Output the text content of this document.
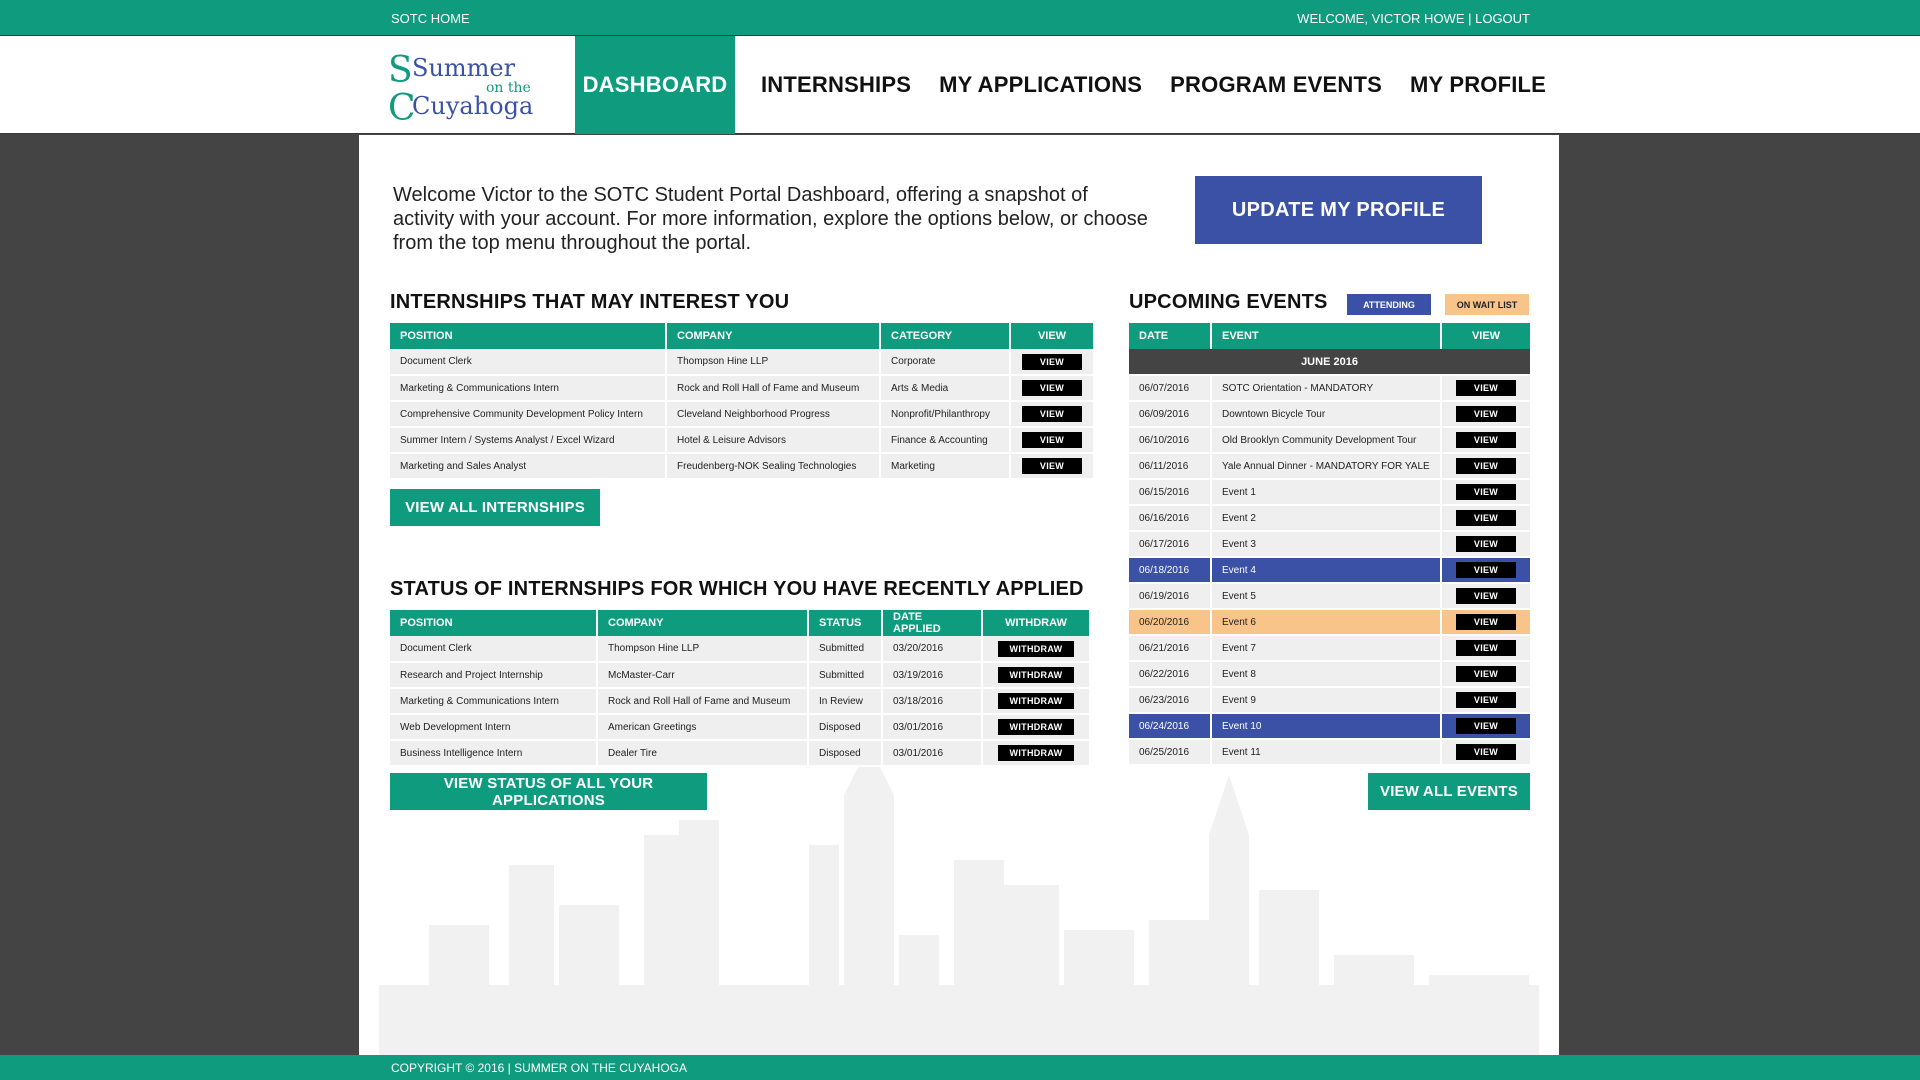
SOTC HOME	WELCOME, VICTOR HOWE | LOGOUT
S Summer
on the
C
Cuyahoga
DASHBOARD	INTERNSHIPS	MY APPLICATIONS	PROGRAM EVENTS	MY PROFILE

Welcome Victor to the SOTC Student Portal Dashboard, offering a snapshot of activity with your account. For more information, explore the options below, or choose from the top menu throughout the portal.

UPDATE MY PROFILE
INTERNSHIPS THAT MAY INTEREST YOU
POSITION	COMPANY	CATEGORY	VIEW
Document Clerk	Thompson Hine LLP	Corporate	VIEW
Marketing & Communications Intern	Rock and Roll Hall of Fame and Museum	Arts & Media	VIEW
Comprehensive Community Development Policy Intern	Cleveland Neighborhood Progress	Nonprofit/Philanthropy	VIEW
Summer Intern / Systems Analyst / Excel Wizard	Hotel & Leisure Advisors	Finance & Accounting	VIEW
Marketing and Sales Analyst	Freudenberg-NOK Sealing Technologies	Marketing	VIEW
VIEW ALL INTERNSHIPS
STATUS OF INTERNSHIPS FOR WHICH YOU HAVE RECENTLY APPLIED
POSITION	COMPANY	STATUS	DATE APPLIED	WITHDRAW
Document Clerk	Thompson Hine LLP	Submitted	03/20/2016	WITHDRAW
Research and Project Internship	McMaster-Carr	Submitted	03/19/2016	WITHDRAW
Marketing & Communications Intern	Rock and Roll Hall of Fame and Museum	In Review	03/18/2016	WITHDRAW
Web Development Intern	American Greetings	Disposed	03/01/2016	WITHDRAW
Business Intelligence Intern	Dealer Tire	Disposed	03/01/2016	WITHDRAW
VIEW STATUS OF ALL YOUR APPLICATIONS
UPCOMING EVENTS	ATTENDING	ON WAIT LIST
DATE	EVENT	VIEW
JUNE 2016		
06/07/2016	SOTC Orientation - MANDATORY	VIEW
06/09/2016	Downtown Bicycle Tour	VIEW
06/10/2016	Old Brooklyn Community Development Tour	VIEW
06/11/2016	Yale Annual Dinner - MANDATORY FOR YALE	VIEW
06/15/2016	Event 1	VIEW
06/16/2016	Event 2	VIEW
06/17/2016	Event 3	VIEW
06/18/2016	Event 4	VIEW
06/19/2016	Event 5	VIEW
06/20/2016	Event 6	VIEW
06/21/2016	Event 7	VIEW
06/22/2016	Event 8	VIEW
06/23/2016	Event 9	VIEW
06/24/2016	Event 10	VIEW
06/25/2016	Event 11	VIEW
VIEW ALL EVENTS
COPYRIGHT © 2016 | SUMMER ON THE CUYAHOGA
